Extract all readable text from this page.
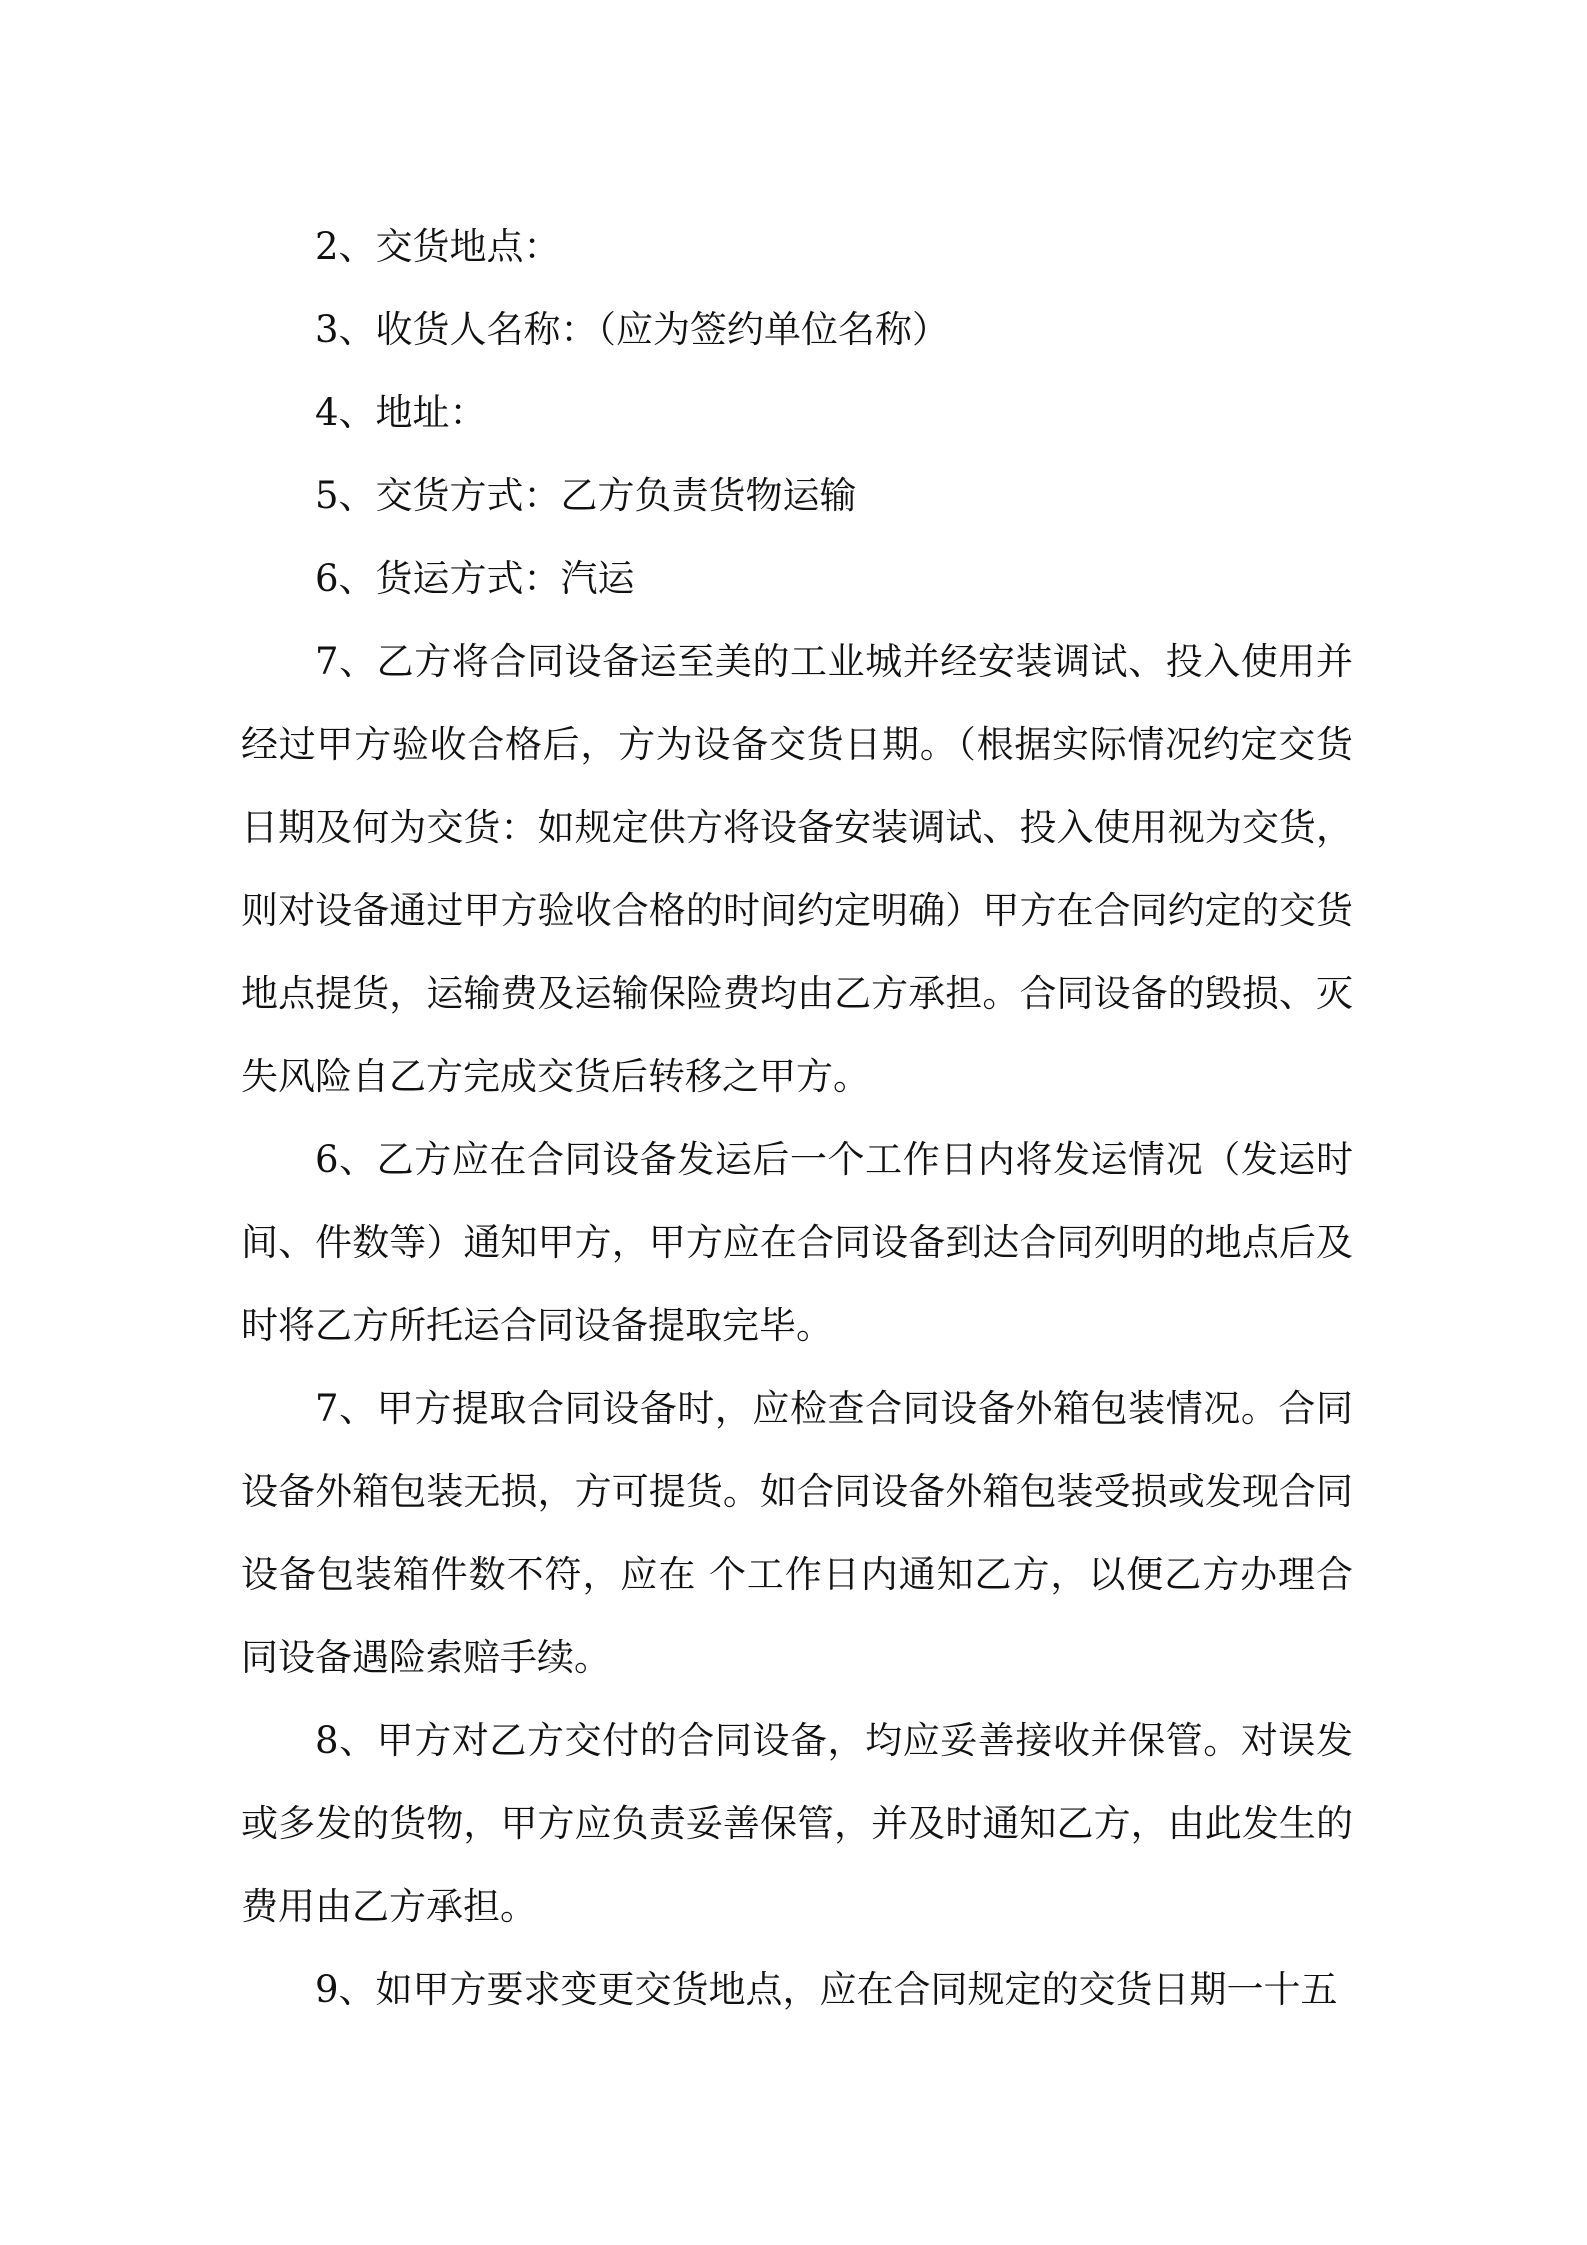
2、交货地点：

3、收货人名称：（应为签约单位名称）

4、地址：

5、交货方式：乙方负责货物运输

6、货运方式：汽运

7、乙方将合同设备运至美的工业城并经安装调试、投入使用并经过甲方验收合格后，方为设备交货日期。（根据实际情况约定交货日期及何为交货：如规定供方将设备安装调试、投入使用视为交货，则对设备通过甲方验收合格的时间约定明确）甲方在合同约定的交货地点提货，运输费及运输保险费均由乙方承担。合同设备的毁损、灭失风险自乙方完成交货后转移之甲方。

6、乙方应在合同设备发运后一个工作日内将发运情况（发运时间、件数等）通知甲方，甲方应在合同设备到达合同列明的地点后及时将乙方所托运合同设备提取完毕。

7、甲方提取合同设备时，应检查合同设备外箱包装情况。合同设备外箱包装无损，方可提货。如合同设备外箱包装受损或发现合同设备包装箱件数不符，应在 个工作日内通知乙方，以便乙方办理合同设备遇险索赔手续。

8、甲方对乙方交付的合同设备，均应妥善接收并保管。对误发或多发的货物，甲方应负责妥善保管，并及时通知乙方，由此发生的费用由乙方承担。

9、如甲方要求变更交货地点，应在合同规定的交货日期一十五
